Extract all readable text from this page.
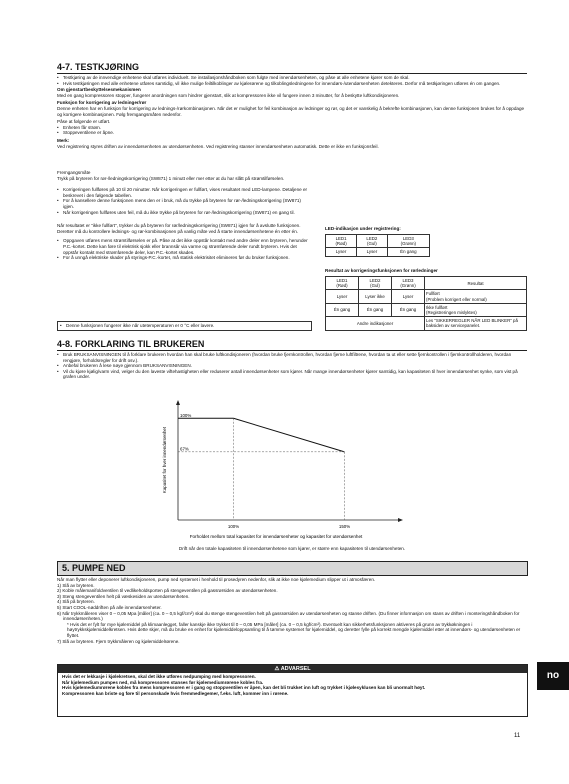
4-7. TESTKJØRING
• Testkjøring av de innvendige enhetene skal utføres individuelt. Se installasjonshåndboken som fulgte med innendørsenheten, og påse at alle enhetene kjører som de skal.
• Hvis testkjøringen med alle enhetene utføres samtidig, vil ikke mulige feiltilkoblinger av kjølerørene og tilkoblingsledningene for innendørs-/utendørsenheten detekteres. Derfor må testkjøringen utføres én om gangen.

Om gjenstartbeskyttelsesmekanismen

Med en gang kompressoren stopper, fungerer anordningen som hindrer gjenstart, slik at kompressoren ikke vil fungere innen 3 minutter, for å beskytte luftkondisjoneren.

Funksjon for korrigering av ledninger/rør

Denne enheten har en funksjon for korrigering av lednings-/rørkombinasjonen. Når det er mulighet for feil kombinasjon av ledninger og rør, og det er vanskelig å bekrefte kombinasjonen, kan denne funksjonen brukes for å oppdage og korrigere kombinasjonen. Følg fremgangsmåten nedenfor.

Påse at følgende er utført.

• Enheten får strøm.
• Stoppeventilene er åpne.

Merk:

Ved registrering styres driften av innendørsenheten av utendørsenheten. Ved registrering stanser innendørsenheten automatisk. Dette er ikke en funksjonsfeil.

Fremgangsmåte

Trykk på bryteren for rør-/ledningskorrigering (SW871) 1 minutt eller mer etter at du har slått på strømtilførselen.

• Korrigeringen fullføres på 10 til 20 minutter. Når korrigeringen er fullført, vises resultatet med LED-lampene. Detaljene er beskrevet i den følgende tabellen.
• For å kansellere denne funksjonen mens den er i bruk, må du trykke på bryteren for rør-/ledningskorrigering (SW871) igjen.
• Når korrigeringen fullføres uten feil, må du ikke trykke på bryteren for rør-/ledningskorrigering (SW871) en gang til.

Når resultatet er "ikke fullført", trykker du på bryteren for rør/ledningskorrigering (SW871) igjen for å avslutte funksjonen. Deretter må du kontrollere lednings- og rør-kombinasjonen på vanlig måte ved å starte innendørsenhetene én etter én.

• Oppgaven utføres mens strømtilførselen er på. Påse at det ikke oppstår kontakt med andre deler enn bryteren, herunder P.C.-kortet. Dette kan føre til elektrisk sjokk eller brannsår via varme og strømførende deler rundt bryteren. Hvis det oppstår kontakt med strømførende deler, kan P.C.-kortet skades.
• For å unngå elektriske skader på styrings-P.C.-kortet, må statisk elektrisitet elimineres før du bruker funksjonen.
• Denne funksjonen fungerer ikke når utetemperaturen er 0 °C eller lavere.
LED-indikasjon under registrering:
LED1
(Rød)	LED2
(Gul)	LED3
(Grønn)
Lyser	Lyser	Én gang
Resultat av korrigeringsfunksjonen for rørledninger
LED1
(Rød)	LED2
(Gul)	LED3
(Grønn)	Resultat
Lyser	Lyser ikke	Lyser	Fullført
(Problem korrigert eller normal)
Én gang	Én gang	Én gang	Ikke fullført
(Registreringen mislyktes)
Andre indikasjoner			Les "SIKKERREGLER NÅR LED BLINKER" på baksiden av servicepanelet.
4-8. FORKLARING TIL BRUKEREN
• Bruk BRUKSANVISNINGEN til å forklare brukeren hvordan han skal bruke luftkondisjoneren (hvordan bruke fjernkontrollen, hvordan fjerne luftfiltrene, hvordan ta ut eller sette fjernkontrollen i fjernkontrollholderen, hvordan rengjøre, forholdsregler for drift osv.).
• Anbefal brukeren å lese nøye gjennom BRUKSANVISNINGEN.
• Vil du kjøre kjølig/varm vind, velger du den laveste viftehastigheten eller reduserer antall innendørsenheter som kjører. Når mange innendørsenheter kjører samtidig, kan kapasiteten til hver innendørsenhet synke, som vist på grafen under.
100%
67%
100%	150%
Kapasitet for hver innendørsenhet
Forholdet mellom total kapasitet for innendørsenheter og kapasitet for utendørsenhet
Drift når den totale kapasiteten til innendørsenhetene som kjører, er større enn kapasiteten til utendørsenheten.
5. PUMPE NED

Når man flytter eller deponerer luftkondisjoneren, pump ned systemet i henhold til prosedyren nedenfor, slik at ikke noe kjølemedium slipper ut i atmosfæren.

1) Slå av bryteren.

2) Koble målemanifoldventilen til vedlikeholdsporten på stengeventilen på gassrørsiden av utendørsenheten.

3) Steng stengeventilen helt på væskesiden av utendørsenheten.

4) Slå på bryteren.

5) Start COOL-nøddriften på alle innendørsenheter.

6) Når trykkmåleren viser 0 – 0,05 Mpa [måler] (ca. 0 – 0,5 kgf/cm²) skal du stenge stengeventilen helt på gassrørsiden av utendørsenheten og stanse driften. (Du finner informasjon om stans av driften i monteringshåndboken for innendørsenheten.)

* Hvis det er fylt for mye kjølemiddel på klimaanlegget, faller kanskje ikke trykket til 0 – 0,05 MPa [måler] (ca. 0 – 0,5 kgf/cm²). Eventuelt kan sikkerhetsfunksjonen aktiveres på grunn av trykkøkningen i høytrykkskjølemiddelkretsen. Hvis dette skjer, må du bruke en enhet for kjølemiddeloppsamling til å tømme systemet for kjølemiddel, og deretter fylle på korrekt mengde kjølemiddel etter at innendørs- og utendørsenheten er flyttet.

7) Slå av bryteren. Fjern trykkmåleren og kjølemiddelrørene.

⚠ ADVARSEL

Hvis det er lekkasje i kjølekretsen, skal det ikke utføres nedpumping med kompressoren.

Når kjølemedium pumpes ned, må kompressoren stanses før kjølemediumrørene kobles fra.

Hvis kjølemediumrørene kobles fra mens kompressoren er i gang og stoppventilen er åpen, kan det bli trukket inn luft og trykket i kjølesyklusen kan bli unormalt høyt.

Kompressoren kan briste og føre til personskade hvis fremmedlegemer, f.eks. luft, kommer inn i rørene.

no
11
